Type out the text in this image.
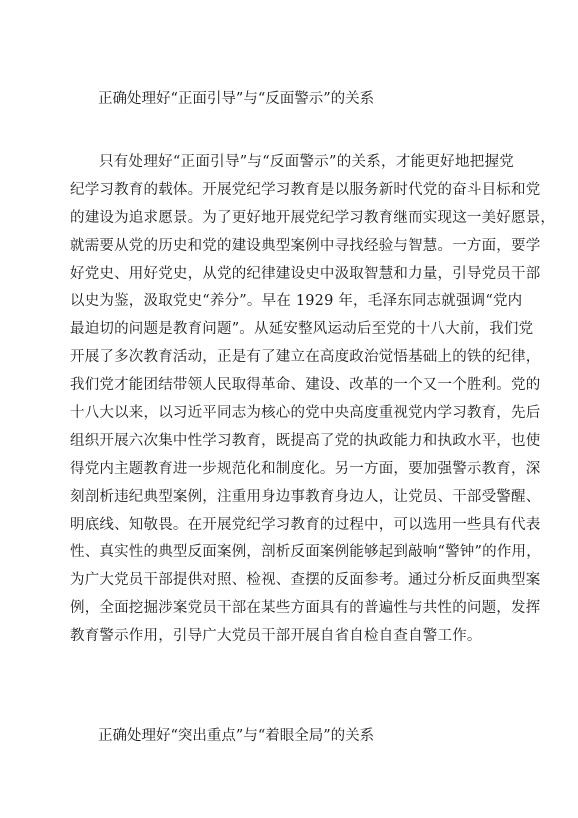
正确处理好“正面引导”与“反面警示”的关系
只有处理好“正面引导”与“反面警示”的关系，才能更好地把握党
纪学习教育的载体。开展党纪学习教育是以服务新时代党的奋斗目标和党
的建设为追求愿景。为了更好地开展党纪学习教育继而实现这一美好愿景，
就需要从党的历史和党的建设典型案例中寻找经验与智慧。一方面，要学
好党史、用好党史，从党的纪律建设史中汲取智慧和力量，引导党员干部
以史为鉴，汲取党史“养分”。早在 1929 年，毛泽东同志就强调“党内
最迫切的问题是教育问题”。从延安整风运动后至党的十八大前，我们党
开展了多次教育活动，正是有了建立在高度政治觉悟基础上的铁的纪律，
我们党才能团结带领人民取得革命、建设、改革的一个又一个胜利。党的
十八大以来，以习近平同志为核心的党中央高度重视党内学习教育，先后
组织开展六次集中性学习教育，既提高了党的执政能力和执政水平，也使
得党内主题教育进一步规范化和制度化。另一方面，要加强警示教育，深
刻剖析违纪典型案例，注重用身边事教育身边人，让党员、干部受警醒、
明底线、知敬畏。在开展党纪学习教育的过程中，可以选用一些具有代表
性、真实性的典型反面案例，剖析反面案例能够起到敲响“警钟”的作用，
为广大党员干部提供对照、检视、查摆的反面参考。通过分析反面典型案
例，全面挖掘涉案党员干部在某些方面具有的普遍性与共性的问题，发挥
教育警示作用，引导广大党员干部开展自省自检自查自警工作。
正确处理好“突出重点”与“着眼全局”的关系
